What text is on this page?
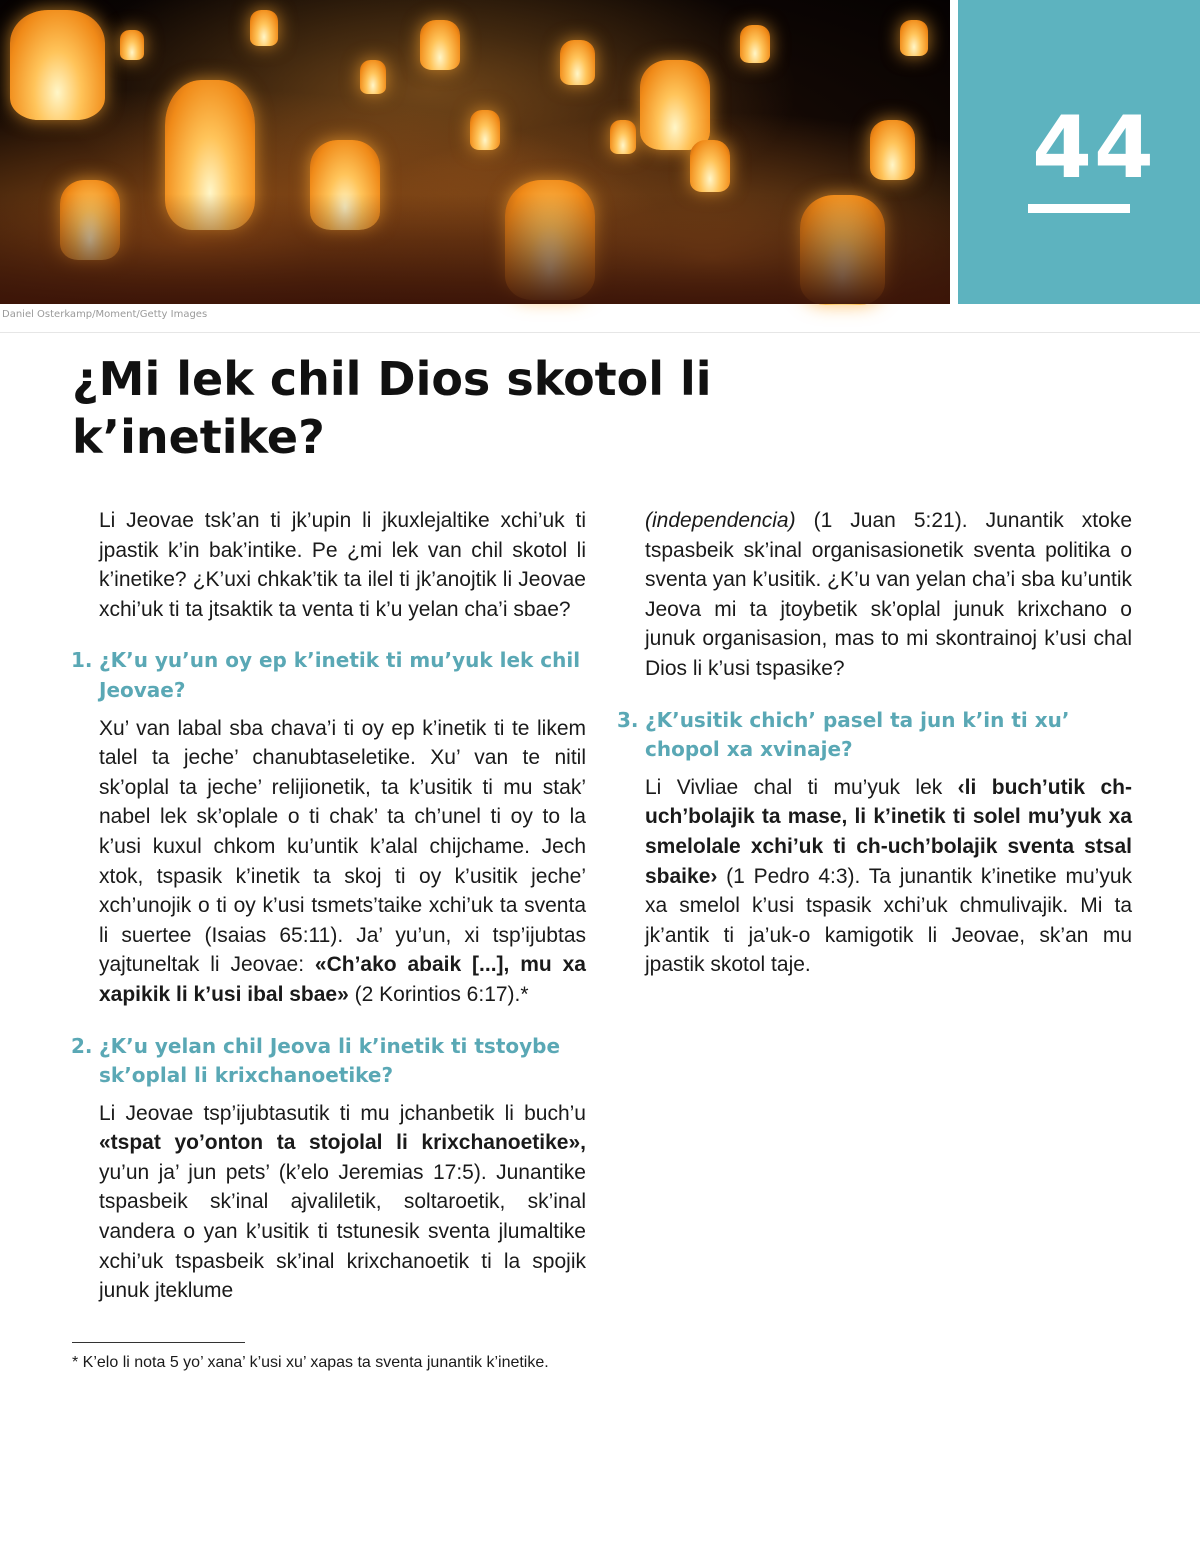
44
Daniel Osterkamp/Moment/Getty Images
¿Mi lek chil Dios skotol li k’inetike?

Li Jeovae tsk’an ti jk’upin li jkuxlejaltike xchi’uk ti jpastik k’in bak’intike. Pe ¿mi lek van chil skotol li k’inetike? ¿K’uxi chkak’tik ta ilel ti jk’anojtik li Jeovae xchi’uk ti ta jtsaktik ta venta ti k’u yelan cha’i sbae?

1. ¿K’u yu’un oy ep k’inetik ti mu’yuk lek chil Jeovae?

Xu’ van labal sba chava’i ti oy ep k’inetik ti te likem talel ta jeche’ chanubtaseletike. Xu’ van te nitil sk’oplal ta jeche’ relijionetik, ta k’usitik ti mu stak’ nabel lek sk’oplale o ti chak’ ta ch’unel ti oy to la k’usi kuxul chkom ku’untik k’alal chijchame. Jech xtok, tspasik k’inetik ta skoj ti oy k’usitik jeche’ xch’unojik o ti oy k’usi tsmets’taike xchi’uk ta sventa li suertee (Isaias 65:11). Ja’ yu’un, xi tsp’ijubtas yajtuneltak li Jeovae: «Ch’ako abaik [...], mu xa xapikik li k’usi ibal sbae» (2 Korintios 6:17).*

2. ¿K’u yelan chil Jeova li k’inetik ti tstoybe sk’oplal li krixchanoetike?

Li Jeovae tsp’ijubtasutik ti mu jchanbetik li buch’u «tspat yo’onton ta stojolal li krixchanoetike», yu’un ja’ jun pets’ (k’elo Jeremias 17:5). Junantike tspasbeik sk’inal ajvaliletik, soltaroetik, sk’inal vandera o yan k’usitik ti tstunesik sventa jlumaltike xchi’uk tspasbeik sk’inal krixchanoetik ti la spojik junuk jteklume

(independencia) (1 Juan 5:21). Junantik xtoke tspasbeik sk’inal organisasionetik sventa politika o sventa yan k’usitik. ¿K’u van yelan cha’i sba ku’untik Jeova mi ta jtoybetik sk’oplal junuk krixchano o junuk organisasion, mas to mi skontrainoj k’usi chal Dios li k’usi tspasike?

3. ¿K’usitik chich’ pasel ta jun k’in ti xu’ chopol xa xvinaje?

Li Vivliae chal ti mu’yuk lek ‹li buch’utik ch-uch’bolajik ta mase, li k’inetik ti solel mu’yuk xa smelolale xchi’uk ti ch-uch’bolajik sventa stsal sbaike› (1 Pedro 4:3). Ta junantik k’inetike mu’yuk xa smelol k’usi tspasik xchi’uk chmulivajik. Mi ta jk’antik ti ja’uk-o kamigotik li Jeovae, sk’an mu jpastik skotol taje.

* K’elo li nota 5 yo’ xana’ k’usi xu’ xapas ta sventa junantik k’inetike.
